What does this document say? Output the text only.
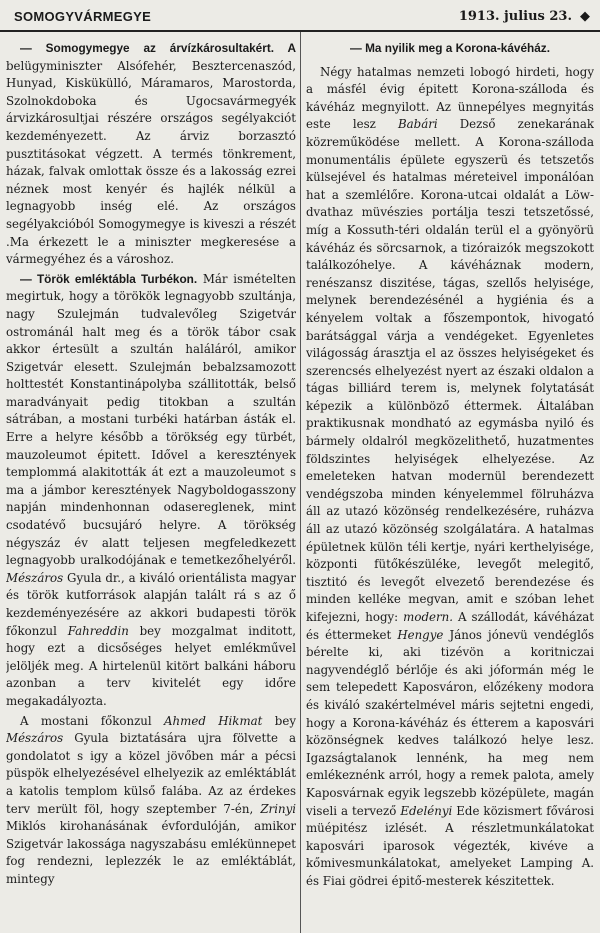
SOMOGYVÁRMEGYE	1913. julius 23. ◆

— Somogymegye az árvízkárosultakért. A belügyminiszter Alsófehér, Besztercenaszód, Hunyad, Kiskükülló, Máramaros, Marostorda, Szolnokdoboka és Ugocsavármegyék árvizkárosultjai részére országos segélyakciót kezdeményezett. Az árviz borzasztó pusztitásokat végzett. A termés tönkrement, házak, falvak omlottak össze és a lakosság ezrei néznek most kenyér és hajlék nélkül a legnagyobb inség elé. Az országos segélyakcióból Somogymegye is kiveszi a részét .Ma érkezett le a miniszter megkeresése a vármegyéhez és a városhoz.

— Török emléktábla Turbékon. Már ismételten megirtuk, hogy a törökök legnagyobb szultánja, nagy Szulejmán tudvalevőleg Szigetvár ostrománál halt meg és a török tábor csak akkor értesült a szultán haláláról, amikor Szigetvár elesett. Szulejmán bebalzsamozott holttestét Konstantinápolyba szállitották, belső maradványait pedig titokban a szultán sátrában, a mostani turbéki határban ásták el. Erre a helyre később a törökség egy türbét, mauzoleumot épitett. Idővel a keresztények templommá alakitották át ezt a mauzoleumot s ma a jámbor keresztények Nagyboldogasszony napján mindenhonnan odasereglenek, mint csodatévő bucsujáró helyre. A törökség négyszáz év alatt teljesen megfeledkezett legnagyobb uralkodójának e temetkezőhelyéről. Mészáros Gyula dr., a kiváló orientálista magyar és török kutforrások alapján talált rá s az ő kezdeményezésére az akkori budapesti török főkonzul Fahreddin bey mozgalmat inditott, hogy ezt a dicsőséges helyet emlékművel jelöljék meg. A hirtelenül kitört balkáni háboru azonban a terv kivitelét egy időre megakadályozta.

A mostani főkonzul Ahmed Hikmat bey Mészáros Gyula biztatására ujra fölvette a gondolatot s igy a közel jövőben már a pécsi püspök elhelyezésével elhelyezik az emléktáblát a katolis templom külső falába. Az az érdekes terv merült föl, hogy szeptember 7-én, Zrinyi Miklós kirohanásának évfordulóján, amikor Szigetvár lakossága nagyszabásu emlékünnepet fog rendezni, leplezzék le az emléktáblát, mintegy

— Ma nyilik meg a Korona-kávéház.

Négy hatalmas nemzeti lobogó hirdeti, hogy a másfél évig épitett Korona-szálloda és kávéház megnyilott. Az ünnepélyes megnyitás este lesz Babári Dezső zenekarának közreműködése mellett. A Korona-szálloda monumentális épülete egyszerü és tetszetős külsejével és hatalmas méreteivel imponálóan hat a szemlélőre. Korona-utcai oldalát a Löw-dvathaz müvészies portálja teszi tetszetőssé, míg a Kossuth-téri oldalán terül el a gyönyörü kávéház és sörcsarnok, a tizóraizók megszokott találkozóhelye. A kávéháznak modern, renészansz diszitése, tágas, szellős helyisége, melynek berendezésénél a hygiénia és a kényelem voltak a főszempontok, hivogató barátsággal várja a vendégeket. Egyenletes világosság árasztja el az összes helyiségeket és szerencsés elhelyezést nyert az északi oldalon a tágas billiárd terem is, melynek folytatását képezik a különböző éttermek. Általában praktikusnak mondható az egymásba nyiló és bármely oldalról megközelithető, huzatmentes földszintes helyiségek elhelyezése. Az emeleteken hatvan modernül berendezett vendégszoba minden kényelemmel fölruházva áll az utazó közönség rendelkezésére, ruházva áll az utazó közönség szolgálatára. A hatalmas épületnek külön téli kertje, nyári kerthelyisége, központi fütőkészüléke, levegőt melegitő, tisztitó és levegőt elvezető berendezése és minden kelléke megvan, amit e szóban lehet kifejezni, hogy: modern. A szállodát, kávéházat és éttermeket Hengye János jónevü vendéglős bérelte ki, aki tizévön a koritniczai nagyvendéglő bérlője és aki jóformán még le sem telepedett Kaposváron, előzékeny modora és kiváló szakértelmével máris sejtetni engedi, hogy a Korona-kávéház és étterem a kaposvári közönségnek kedves találkozó helye lesz. Igazságtalanok lennénk, ha meg nem emlékeznénk arról, hogy a remek palota, amely Kaposvárnak egyik legszebb középülete, magán viseli a tervező Edelényi Ede közismert fővárosi müépitész izlését. A részletmunkálatokat kaposvári iparosok végezték, kivéve a kőmivesmunkálatokat, amelyeket Lamping A. és Fiai gödrei épitő-mesterek készitettek.
